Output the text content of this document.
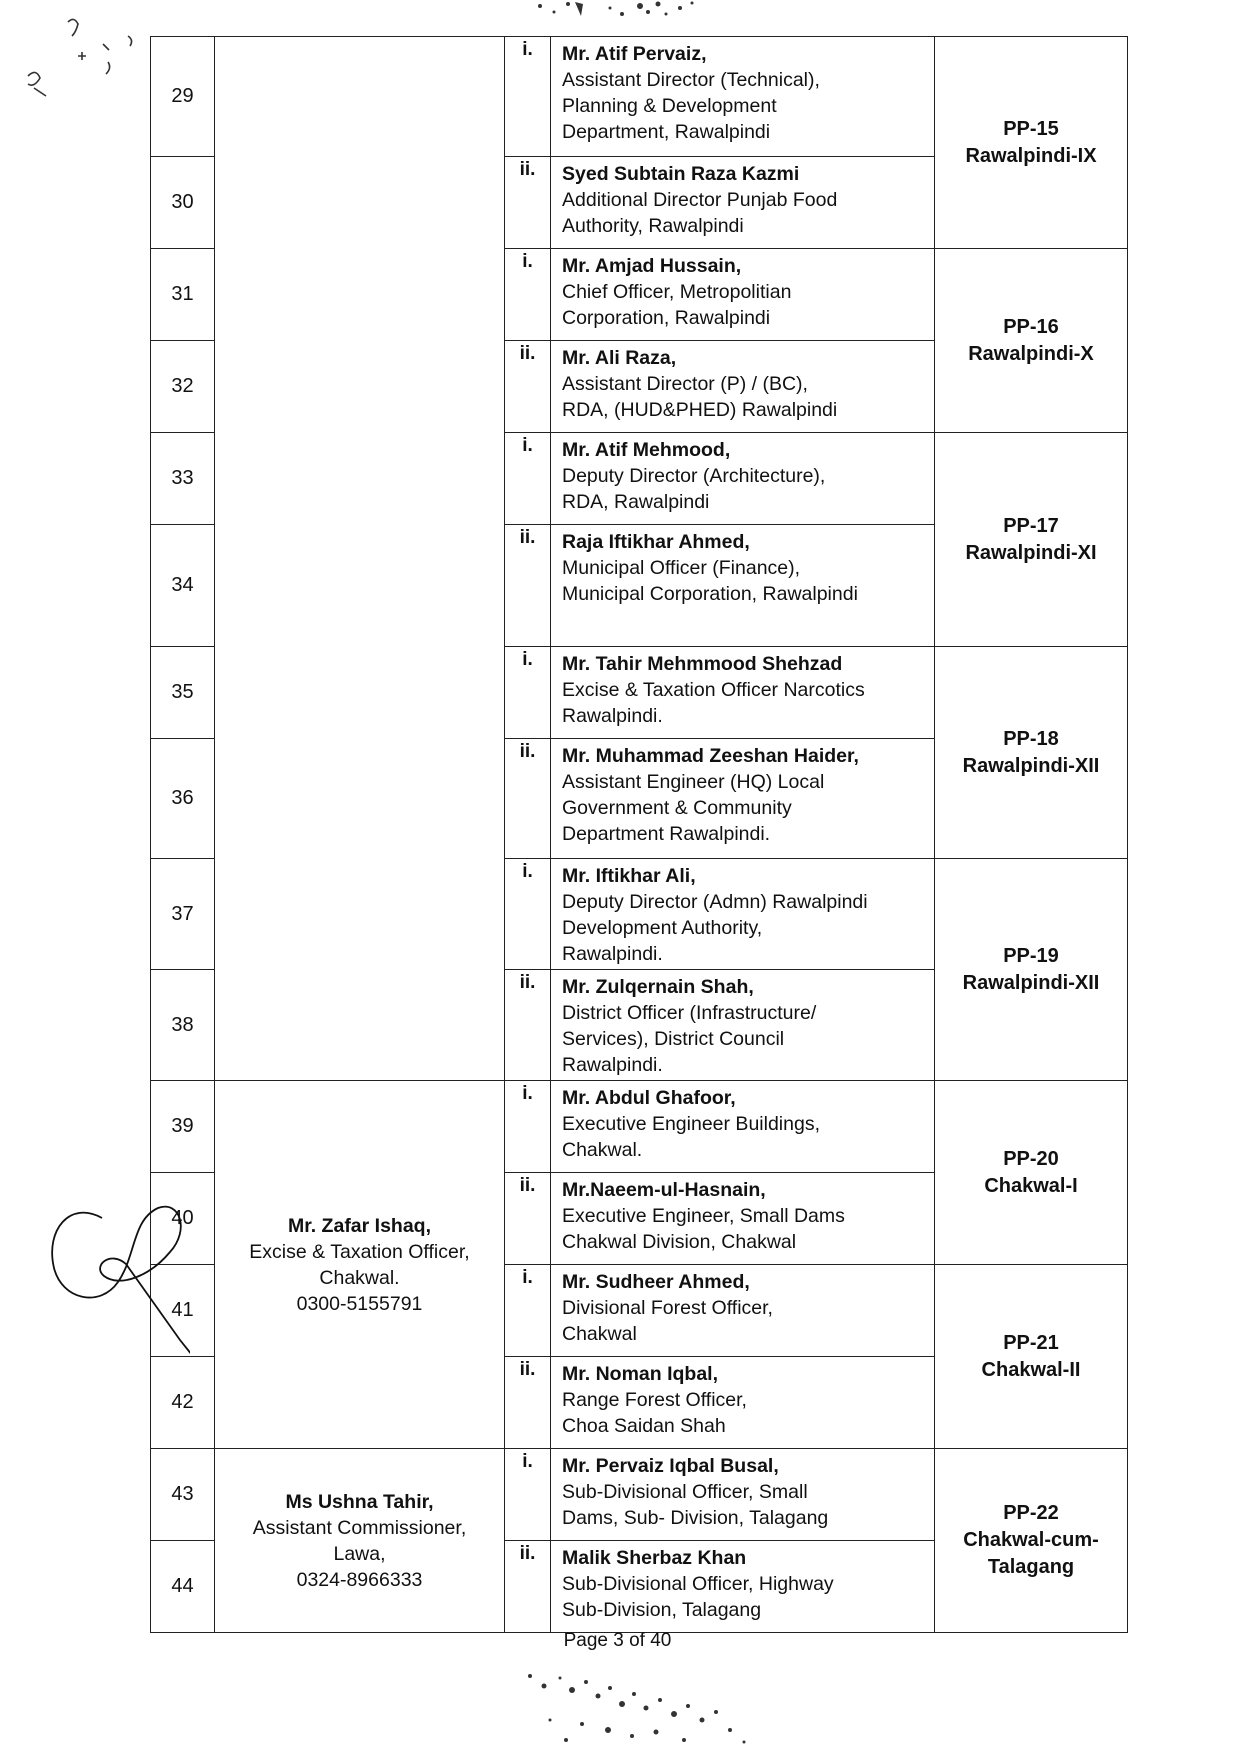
29		i.	Mr. Atif Pervaiz,
Assistant Director (Technical),
Planning & Development
Department, Rawalpindi	PP-15
Rawalpindi-IX

30		ii.	Syed Subtain Raza Kazmi
Additional Director Punjab Food
Authority, Rawalpindi	

31		i.	Mr. Amjad Hussain,
Chief Officer, Metropolitian
Corporation, Rawalpindi	PP-16
Rawalpindi-X

32		ii.	Mr. Ali Raza,
Assistant Director (P) / (BC),
RDA, (HUD&PHED) Rawalpindi	

33		i.	Mr. Atif Mehmood,
Deputy Director (Architecture),
RDA, Rawalpindi	PP-17
Rawalpindi-XI

34		ii.	Raja Iftikhar Ahmed,
Municipal Officer (Finance),
Municipal Corporation, Rawalpindi	

35		i.	Mr. Tahir Mehmmood Shehzad
Excise & Taxation Officer Narcotics
Rawalpindi.	PP-18
Rawalpindi-XII

36		ii.	Mr. Muhammad Zeeshan Haider,
Assistant Engineer (HQ) Local
Government & Community
Department Rawalpindi.	

37		i.	Mr. Iftikhar Ali,
Deputy Director (Admn) Rawalpindi
Development Authority,
Rawalpindi.	PP-19
Rawalpindi-XII

38		ii.	Mr. Zulqernain Shah,
District Officer (Infrastructure/
Services), District Council
Rawalpindi.	

39	Mr. Zafar Ishaq,
Excise & Taxation Officer,
Chakwal.
0300-5155791	i.	Mr. Abdul Ghafoor,
Executive Engineer Buildings,
Chakwal.	PP-20
Chakwal-I

40		ii.	Mr.Naeem-ul-Hasnain,
Executive Engineer, Small Dams
Chakwal Division, Chakwal	

41		i.	Mr. Sudheer Ahmed,
Divisional Forest Officer,
Chakwal	PP-21
Chakwal-II

42		ii.	Mr. Noman Iqbal,
Range Forest Officer,
Choa Saidan Shah	

43	Ms Ushna Tahir,
Assistant Commissioner,
Lawa,
0324-8966333	i.	Mr. Pervaiz Iqbal Busal,
Sub-Divisional Officer, Small
Dams, Sub- Division, Talagang	PP-22
Chakwal-cum-
Talagang

44		ii.	Malik Sherbaz Khan
Sub-Divisional Officer, Highway
Sub-Division, Talagang	
Page 3 of 40
